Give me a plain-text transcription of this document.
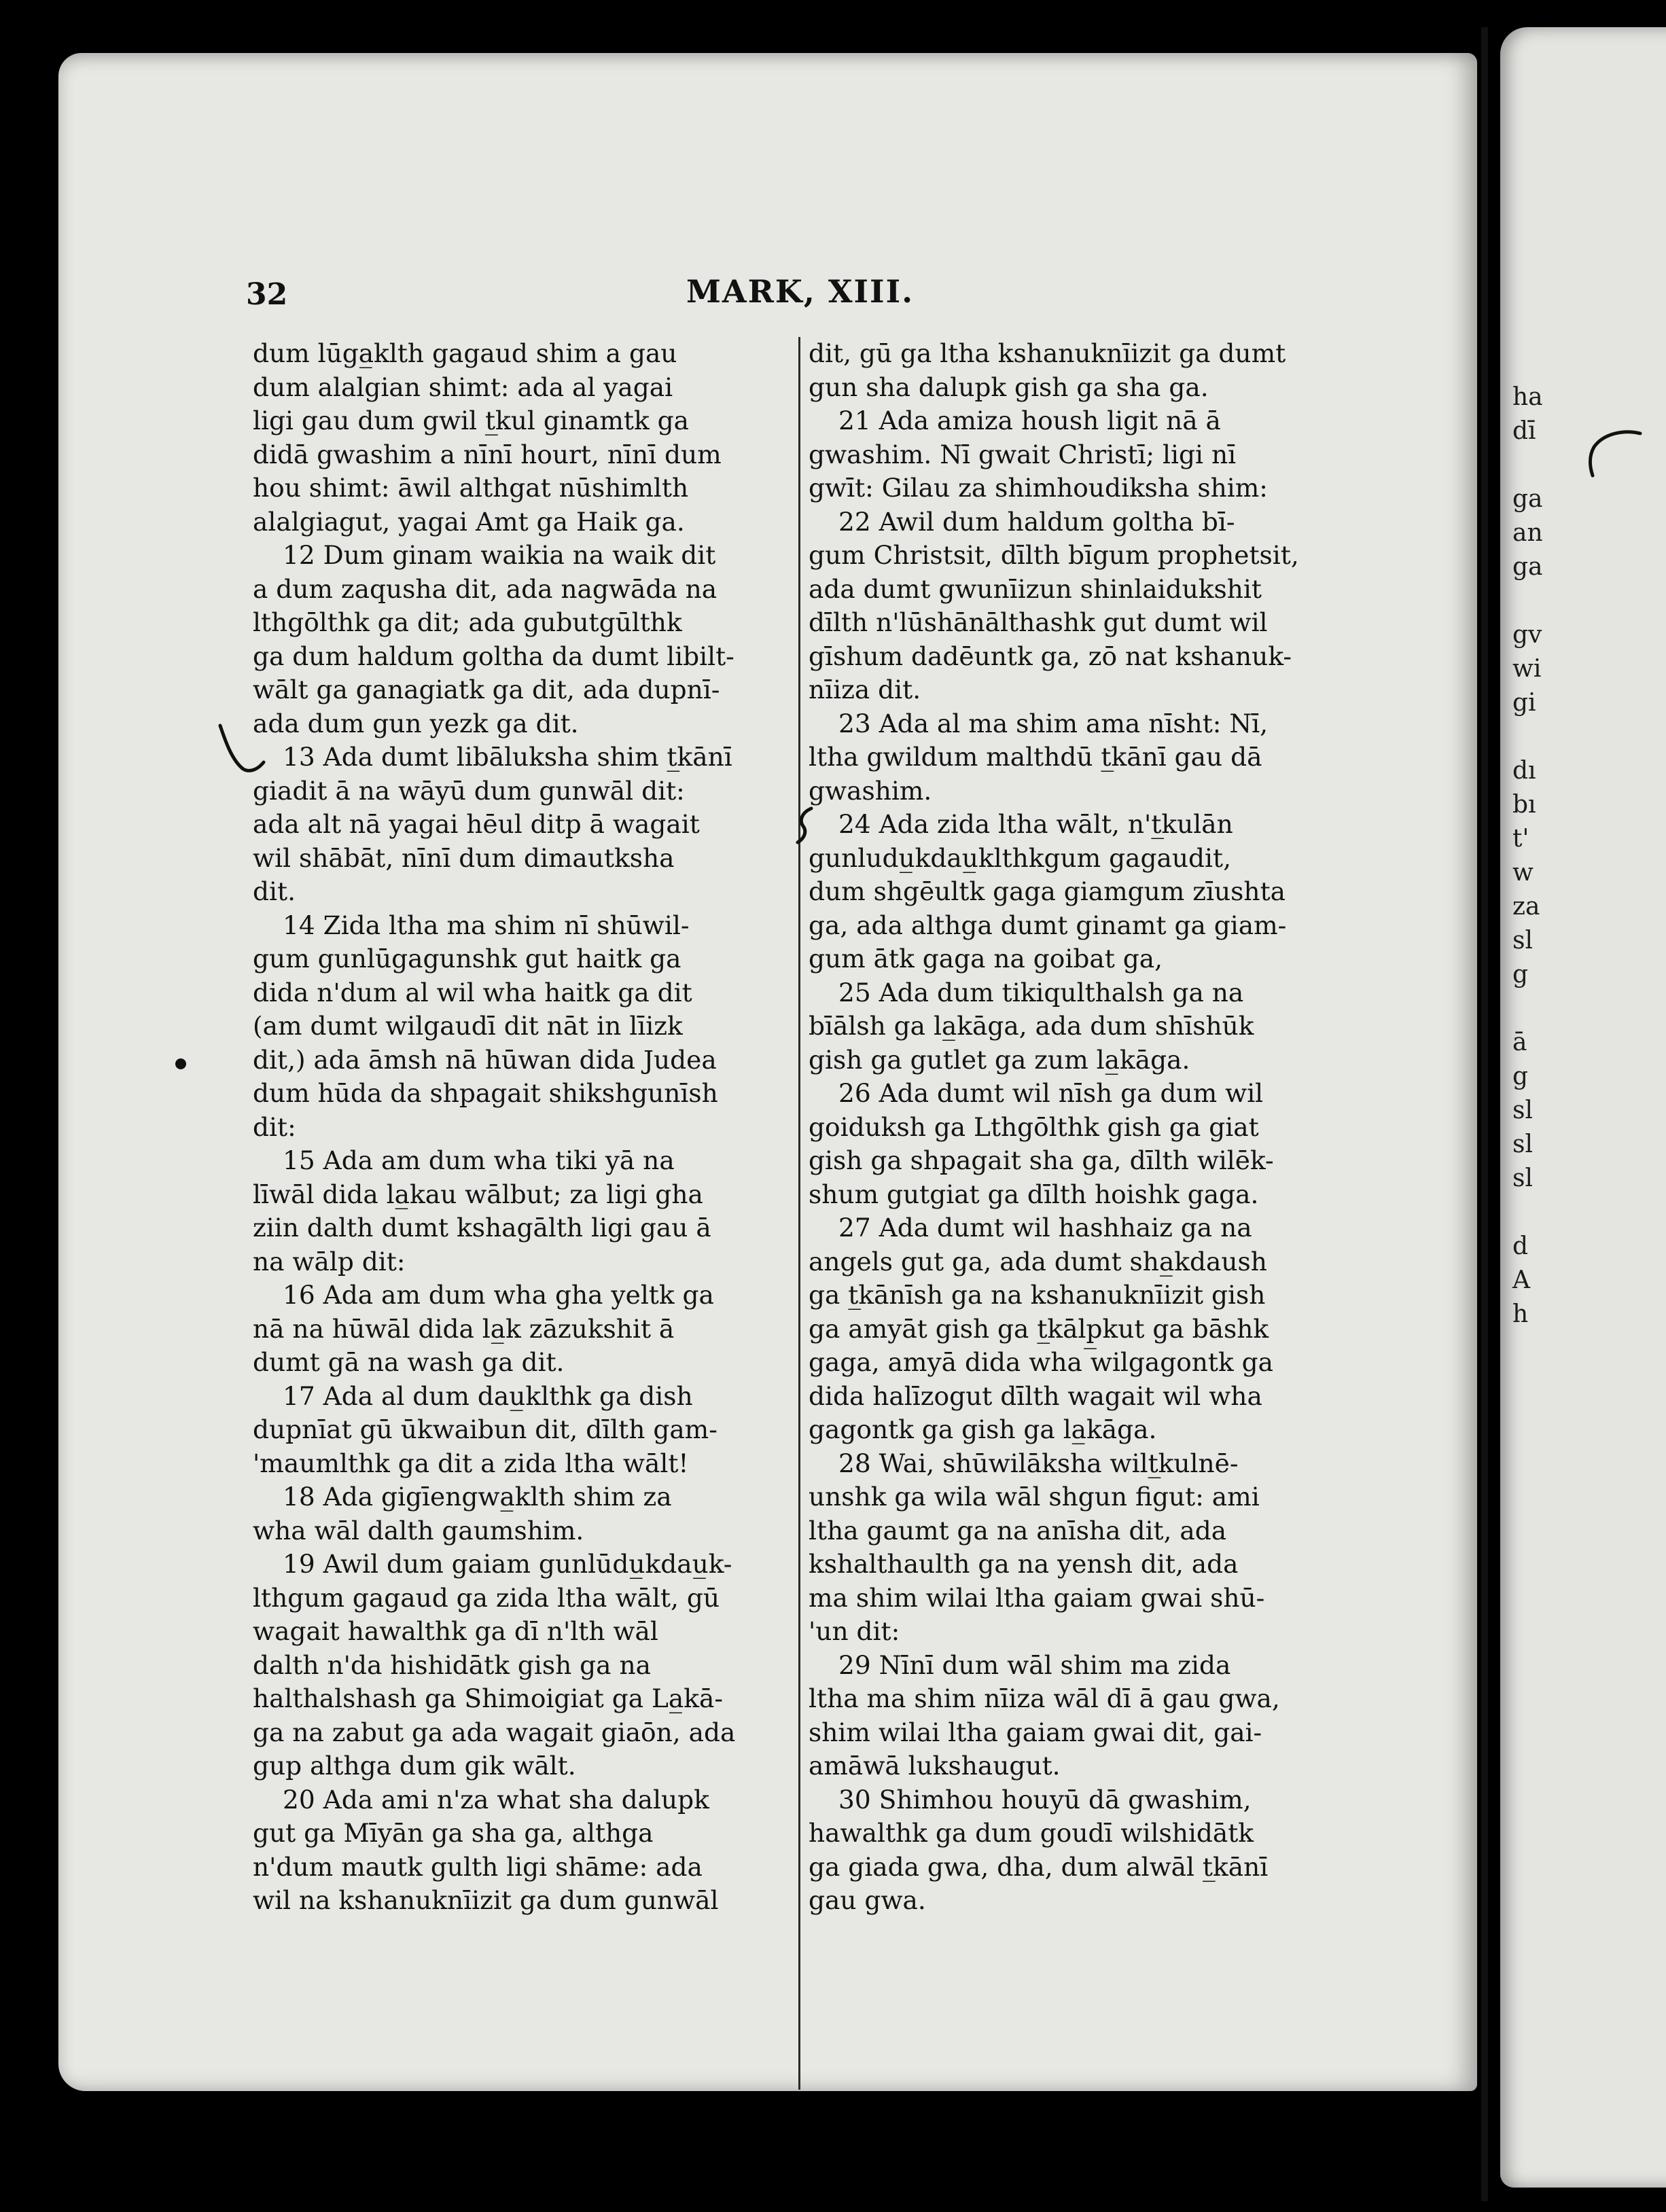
ha
dī

ga
an
ga

gv
wi
gi

dı
bı
t'
w
za
sl
g

ā
g
sl
sl
sl

d
A
h
32	MARK, XIII.
dum lūga̲klth gagaud shim a gau
dum alalgian shimt: ada al yagai
ligi gau dum gwil t̲kul ginamtk ga
didā gwashim a nīnī hourt, nīnī dum
hou shimt: āwil althgat nūshimlth
alalgiagut, yagai Amt ga Haik ga.
12 Dum ginam waikia na waik dit
a dum zaqusha dit, ada nagwāda na
lthgōlthk ga dit; ada gubutgūlthk
ga dum haldum goltha da dumt libilt-
wālt ga ganagiatk ga dit, ada dupnī-
ada dum gun yezk ga dit.
13 Ada dumt libāluksha shim t̲kānī
giadit ā na wāyū dum gunwāl dit:
ada alt nā yagai hēul ditp ā wagait
wil shābāt, nīnī dum dimautksha
dit.
14 Zida ltha ma shim nī shūwil-
gum gunlūgagunshk gut haitk ga
dida n'dum al wil wha haitk ga dit
(am dumt wilgaudī dit nāt in līizk
dit,) ada āmsh nā hūwan dida Judea
dum hūda da shpagait shikshgunīsh
dit:
15 Ada am dum wha tiki yā na
līwāl dida la̲kau wālbut; za ligi gha
ziin dalth dumt kshagālth ligi gau ā
na wālp dit:
16 Ada am dum wha gha yeltk ga
nā na hūwāl dida la̲k zāzukshit ā
dumt gā na wash ga dit.
17 Ada al dum dau̲klthk ga dish
dupnīat gū ūkwaibun dit, dīlth gam-
'maumlthk ga dit a zida ltha wālt!
18 Ada gigīengwa̲klth shim za
wha wāl dalth gaumshim.
19 Awil dum gaiam gunlūdu̲kdau̲k-
lthgum gagaud ga zida ltha wālt, gū
wagait hawalthk ga dī n'lth wāl
dalth n'da hishidātk gish ga na
halthalshash ga Shimoigiat ga La̲kā-
ga na zabut ga ada wagait giaōn, ada
gup althga dum gik wālt.
20 Ada ami n'za what sha dalupk
gut ga Mīyān ga sha ga, althga
n'dum mautk gulth ligi shāme: ada
wil na kshanuknīizit ga dum gunwāl
dit, gū ga ltha kshanuknīizit ga dumt
gun sha dalupk gish ga sha ga.
21 Ada amiza housh ligit nā ā
gwashim. Nī gwait Christī; ligi nī
gwīt: Gilau za shimhoudiksha shim:
22 Awil dum haldum goltha bī-
gum Christsit, dīlth bīgum prophetsit,
ada dumt gwunīizun shinlaidukshit
dīlth n'lūshānālthashk gut dumt wil
gīshum dadēuntk ga, zō nat kshanuk-
nīiza dit.
23 Ada al ma shim ama nīsht: Nī,
ltha gwildum malthdū t̲kānī gau dā
gwashim.
24 Ada zida ltha wālt, n't̲kulān
gunludu̲kdau̲klthkgum gagaudit,
dum shgēultk gaga giamgum zīushta
ga, ada althga dumt ginamt ga giam-
gum ātk gaga na goibat ga,
25 Ada dum tikiqulthalsh ga na
bīālsh ga la̲kāga, ada dum shīshūk
gish ga gutlet ga zum la̲kāga.
26 Ada dumt wil nīsh ga dum wil
goiduksh ga Lthgōlthk gish ga giat
gish ga shpagait sha ga, dīlth wilēk-
shum gutgiat ga dīlth hoishk gaga.
27 Ada dumt wil hashhaiz ga na
angels gut ga, ada dumt sha̲kdaush
ga t̲kānīsh ga na kshanuknīizit gish
ga amyāt gish ga t̲kālp̲kut ga bāshk
gaga, amyā dida wha wilgagontk ga
dida halīzogut dīlth wagait wil wha
gagontk ga gish ga la̲kāga.
28 Wai, shūwilāksha wilt̲kulnē-
unshk ga wila wāl shgun figut: ami
ltha gaumt ga na anīsha dit, ada
kshalthaulth ga na yensh dit, ada
ma shim wilai ltha gaiam gwai shū-
'un dit:
29 Nīnī dum wāl shim ma zida
ltha ma shim nīiza wāl dī ā gau gwa,
shim wilai ltha gaiam gwai dit, gai-
amāwā lukshaugut.
30 Shimhou houyū dā gwashim,
hawalthk ga dum goudī wilshidātk
ga giada gwa, dha, dum alwāl t̲kānī
gau gwa.
